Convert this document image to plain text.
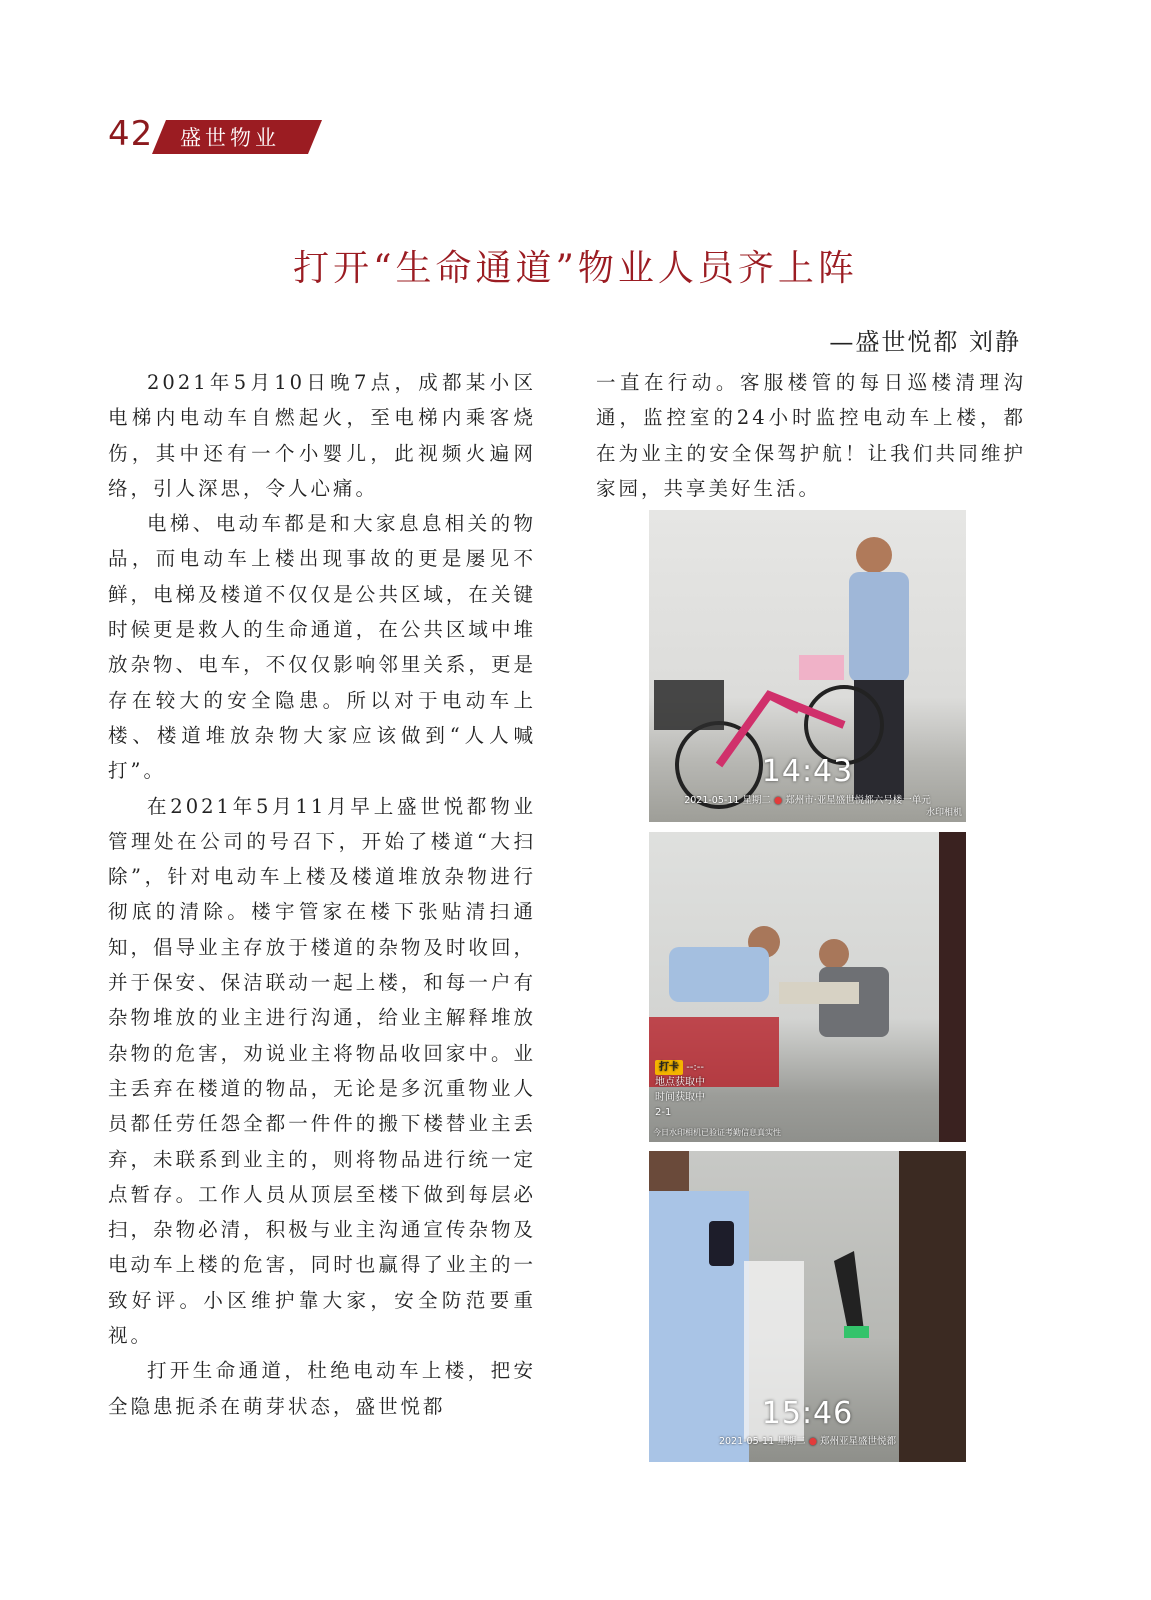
42 盛世物业
打开“生命通道”物业人员齐上阵
—盛世悦都 刘静

2021年5月10日晚7点，成都某小区电梯内电动车自燃起火，至电梯内乘客烧伤，其中还有一个小婴儿，此视频火遍网络，引人深思，令人心痛。

电梯、电动车都是和大家息息相关的物品，而电动车上楼出现事故的更是屡见不鲜，电梯及楼道不仅仅是公共区域，在关键时候更是救人的生命通道，在公共区域中堆放杂物、电车，不仅仅影响邻里关系，更是存在较大的安全隐患。所以对于电动车上楼、楼道堆放杂物大家应该做到“人人喊打”。

在2021年5月11月早上盛世悦都物业管理处在公司的号召下，开始了楼道“大扫除”，针对电动车上楼及楼道堆放杂物进行彻底的清除。楼宇管家在楼下张贴清扫通知，倡导业主存放于楼道的杂物及时收回，并于保安、保洁联动一起上楼，和每一户有杂物堆放的业主进行沟通，给业主解释堆放杂物的危害，劝说业主将物品收回家中。业主丢弃在楼道的物品，无论是多沉重物业人员都任劳任怨全都一件件的搬下楼替业主丢弃，未联系到业主的，则将物品进行统一定点暂存。工作人员从顶层至楼下做到每层必扫，杂物必清，积极与业主沟通宣传杂物及电动车上楼的危害，同时也赢得了业主的一致好评。小区维护靠大家，安全防范要重视。

打开生命通道，杜绝电动车上楼，把安全隐患扼杀在萌芽状态，盛世悦都

一直在行动。客服楼管的每日巡楼清理沟通，监控室的24小时监控电动车上楼，都在为业主的安全保驾护航！让我们共同维护家园，共享美好生活。

14:43
2021-05-11 星期二 ● 郑州市·亚星盛世悦都六号楼一单元
水印相机
打卡 --:--
地点获取中
时间获取中
2-1
今日水印相机已验证考勤信息真实性
15:46
2021-05-11 星期二 ● 郑州亚星盛世悦都
